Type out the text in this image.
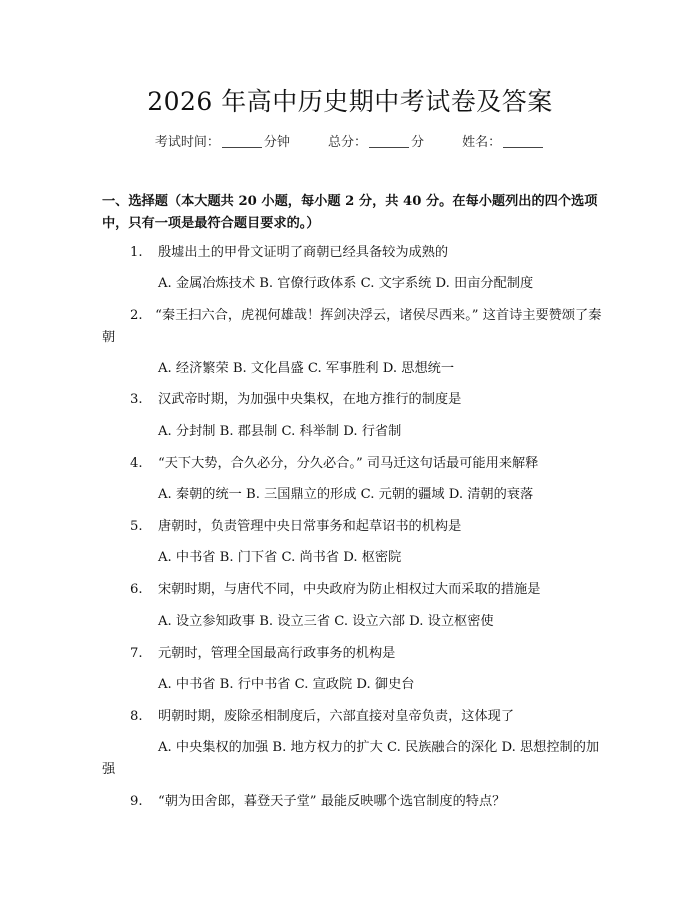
2026 年高中历史期中考试卷及答案
考试时间：	分钟	总分：	分	姓名：
一、选择题（本大题共 20 小题，每小题 2 分，共 40 分。在每小题列出的四个选项中，只有一项是最符合题目要求的。）
1. 殷墟出土的甲骨文证明了商朝已经具备较为成熟的
A. 金属冶炼技术 B. 官僚行政体系 C. 文字系统 D. 田亩分配制度
2. “秦王扫六合，虎视何雄哉！挥剑决浮云，诸侯尽西来。” 这首诗主要赞颂了秦朝
A. 经济繁荣 B. 文化昌盛 C. 军事胜利 D. 思想统一
3. 汉武帝时期，为加强中央集权，在地方推行的制度是
A. 分封制 B. 郡县制 C. 科举制 D. 行省制
4. “天下大势，合久必分，分久必合。” 司马迁这句话最可能用来解释
A. 秦朝的统一 B. 三国鼎立的形成 C. 元朝的疆域 D. 清朝的衰落
5. 唐朝时，负责管理中央日常事务和起草诏书的机构是
A. 中书省 B. 门下省 C. 尚书省 D. 枢密院
6. 宋朝时期，与唐代不同，中央政府为防止相权过大而采取的措施是
A. 设立参知政事 B. 设立三省 C. 设立六部 D. 设立枢密使
7. 元朝时，管理全国最高行政事务的机构是
A. 中书省 B. 行中书省 C. 宣政院 D. 御史台
8. 明朝时期，废除丞相制度后，六部直接对皇帝负责，这体现了
A. 中央集权的加强 B. 地方权力的扩大 C. 民族融合的深化 D. 思想控制的加强
9. “朝为田舍郎，暮登天子堂” 最能反映哪个选官制度的特点？
